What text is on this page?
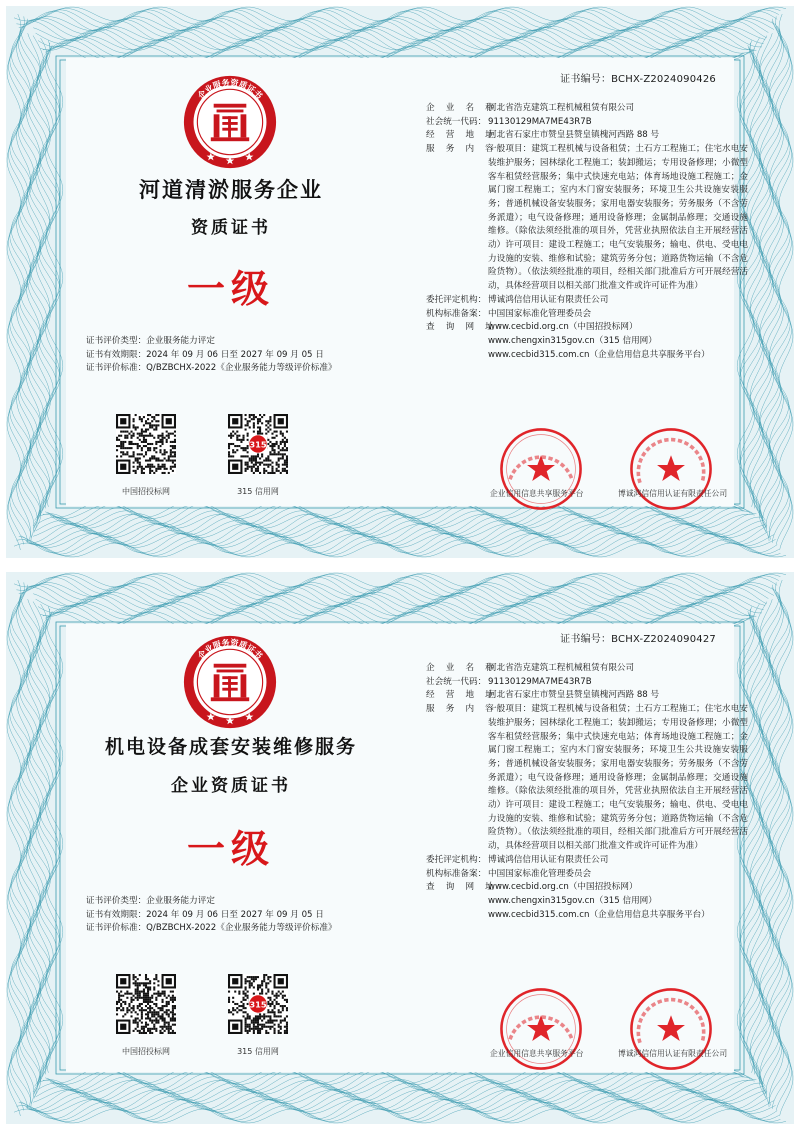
证书编号：BCHX-Z2024090426
企业服务资质证书
河道清淤服务企业
资质证书
一级
证书评价类型：企业服务能力评定
证书有效期限：2024 年 09 月 06 日至 2027 年 09 月 05 日
证书评价标准：Q/BZBCHX-2022《企业服务能力等级评价标准》
中国招投标网
315
315 信用网
企 业 名 称：
河北省浩克建筑工程机械租赁有限公司
社会统一代码： 91130129MA7ME43R7B
经 营 地 址：
河北省石家庄市赞皇县赞皇镇槐河西路 88 号
服 务 内 容：
一般项目：建筑工程机械与设备租赁；土石方工程施工；住宅水电安装维护服务；园林绿化工程施工；装卸搬运；专用设备修理；小微型客车租赁经营服务；集中式快速充电站；体育场地设施工程施工；金属门窗工程施工；室内木门窗安装服务；环境卫生公共设施安装服务；普通机械设备安装服务；家用电器安装服务；劳务服务（不含劳务派遣）；电气设备修理；通用设备修理；金属制品修理；交通设施维修。（除依法须经批准的项目外，凭营业执照依法自主开展经营活动）许可项目：建设工程施工；电气安装服务；输电、供电、受电电力设施的安装、维修和试验；建筑劳务分包；道路货物运输（不含危险货物）。（依法须经批准的项目，经相关部门批准后方可开展经营活动，具体经营项目以相关部门批准文件或许可证件为准）
委托评定机构： 博诚鸿信信用认证有限责任公司
机构标准备案： 中国国家标准化管理委员会
查 询 网 址：
www.cecbid.org.cn（中国招投标网）
www.chengxin315gov.cn（315 信用网）
www.cecbid315.com.cn（企业信用信息共享服务平台）
企业信用信息共享服务平台	博诚鸿信信用认证有限责任公司
证书编号：BCHX-Z2024090427
企业服务资质证书
机电设备成套安装维修服务
企业资质证书
一级
证书评价类型：企业服务能力评定
证书有效期限：2024 年 09 月 06 日至 2027 年 09 月 05 日
证书评价标准：Q/BZBCHX-2022《企业服务能力等级评价标准》
中国招投标网
315
315 信用网
企 业 名 称：
河北省浩克建筑工程机械租赁有限公司
社会统一代码： 91130129MA7ME43R7B
经 营 地 址：
河北省石家庄市赞皇县赞皇镇槐河西路 88 号
服 务 内 容：
一般项目：建筑工程机械与设备租赁；土石方工程施工；住宅水电安装维护服务；园林绿化工程施工；装卸搬运；专用设备修理；小微型客车租赁经营服务；集中式快速充电站；体育场地设施工程施工；金属门窗工程施工；室内木门窗安装服务；环境卫生公共设施安装服务；普通机械设备安装服务；家用电器安装服务；劳务服务（不含劳务派遣）；电气设备修理；通用设备修理；金属制品修理；交通设施维修。（除依法须经批准的项目外，凭营业执照依法自主开展经营活动）许可项目：建设工程施工；电气安装服务；输电、供电、受电电力设施的安装、维修和试验；建筑劳务分包；道路货物运输（不含危险货物）。（依法须经批准的项目，经相关部门批准后方可开展经营活动，具体经营项目以相关部门批准文件或许可证件为准）
委托评定机构： 博诚鸿信信用认证有限责任公司
机构标准备案： 中国国家标准化管理委员会
查 询 网 址：
www.cecbid.org.cn（中国招投标网）
www.chengxin315gov.cn（315 信用网）
www.cecbid315.com.cn（企业信用信息共享服务平台）
企业信用信息共享服务平台	博诚鸿信信用认证有限责任公司
